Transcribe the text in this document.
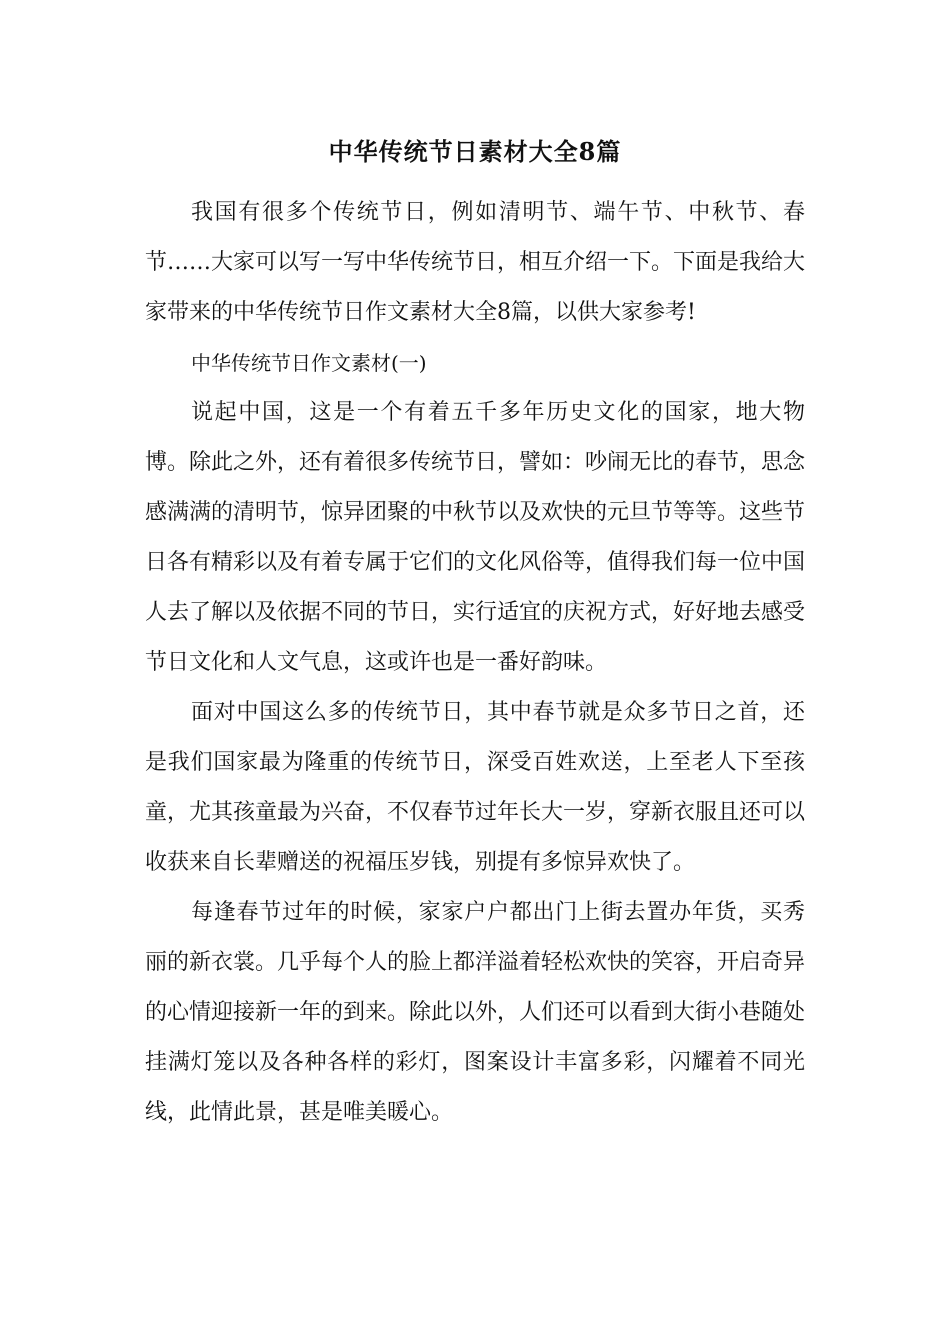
中华传统节日素材大全8篇

我国有很多个传统节日，例如清明节、端午节、中秋节、春节……大家可以写一写中华传统节日，相互介绍一下。下面是我给大家带来的中华传统节日作文素材大全8篇，以供大家参考!

中华传统节日作文素材(一)

说起中国，这是一个有着五千多年历史文化的国家，地大物博。除此之外，还有着很多传统节日，譬如：吵闹无比的春节，思念感满满的清明节，惊异团聚的中秋节以及欢快的元旦节等等。这些节日各有精彩以及有着专属于它们的文化风俗等，值得我们每一位中国人去了解以及依据不同的节日，实行适宜的庆祝方式，好好地去感受节日文化和人文气息，这或许也是一番好韵味。

面对中国这么多的传统节日，其中春节就是众多节日之首，还是我们国家最为隆重的传统节日，深受百姓欢送，上至老人下至孩童，尤其孩童最为兴奋，不仅春节过年长大一岁，穿新衣服且还可以收获来自长辈赠送的祝福压岁钱，别提有多惊异欢快了。

每逢春节过年的时候，家家户户都出门上街去置办年货，买秀丽的新衣裳。几乎每个人的脸上都洋溢着轻松欢快的笑容，开启奇异的心情迎接新一年的到来。除此以外，人们还可以看到大街小巷随处挂满灯笼以及各种各样的彩灯，图案设计丰富多彩，闪耀着不同光线，此情此景，甚是唯美暖心。
